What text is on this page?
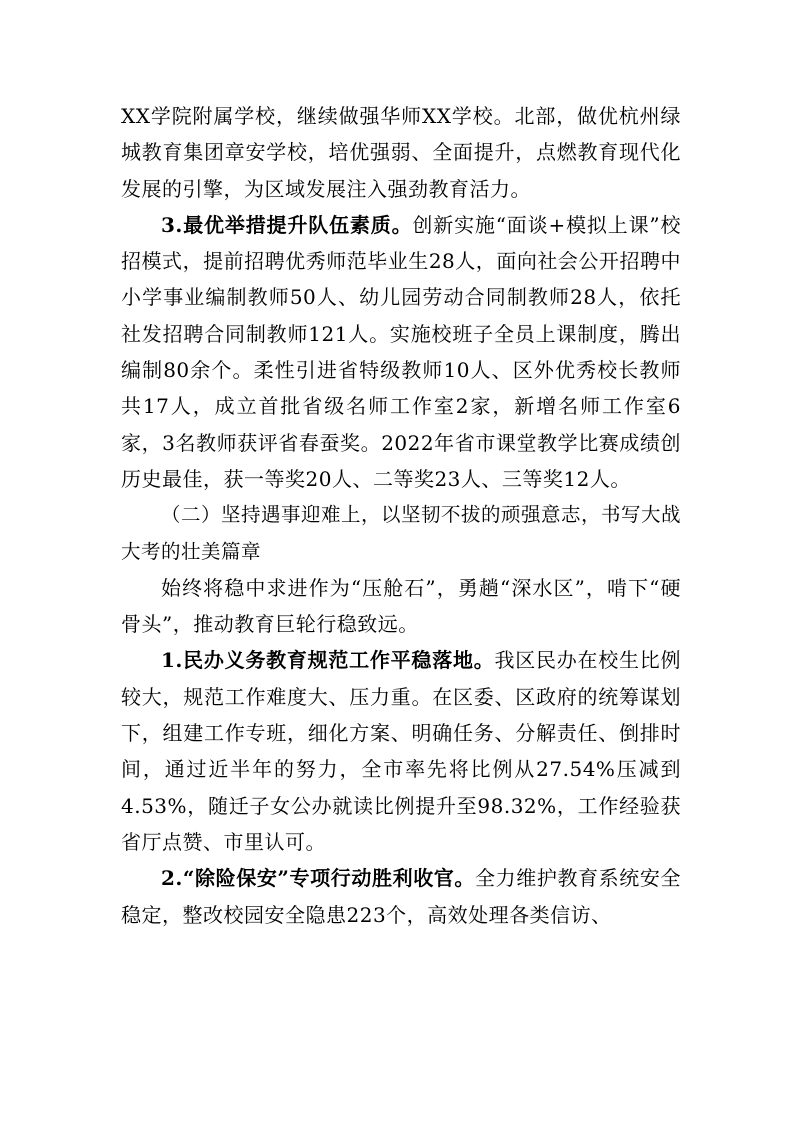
XX学院附属学校，继续做强华师XX学校。北部，做优杭州绿城教育集团章安学校，培优强弱、全面提升，点燃教育现代化发展的引擎，为区域发展注入强劲教育活力。

3.最优举措提升队伍素质。创新实施“面谈+模拟上课”校招模式，提前招聘优秀师范毕业生28人，面向社会公开招聘中小学事业编制教师50人、幼儿园劳动合同制教师28人，依托社发招聘合同制教师121人。实施校班子全员上课制度，腾出编制80余个。柔性引进省特级教师10人、区外优秀校长教师共17人，成立首批省级名师工作室2家，新增名师工作室6家，3名教师获评省春蚕奖。2022年省市课堂教学比赛成绩创历史最佳，获一等奖20人、二等奖23人、三等奖12人。

（二）坚持遇事迎难上，以坚韧不拔的顽强意志，书写大战大考的壮美篇章

始终将稳中求进作为“压舱石”，勇趟“深水区”，啃下“硬骨头”，推动教育巨轮行稳致远。

1.民办义务教育规范工作平稳落地。我区民办在校生比例较大，规范工作难度大、压力重。在区委、区政府的统筹谋划下，组建工作专班，细化方案、明确任务、分解责任、倒排时间，通过近半年的努力，全市率先将比例从27.54%压减到4.53%，随迁子女公办就读比例提升至98.32%，工作经验获省厅点赞、市里认可。

2.“除险保安”专项行动胜利收官。全力维护教育系统安全稳定，整改校园安全隐患223个，高效处理各类信访、
